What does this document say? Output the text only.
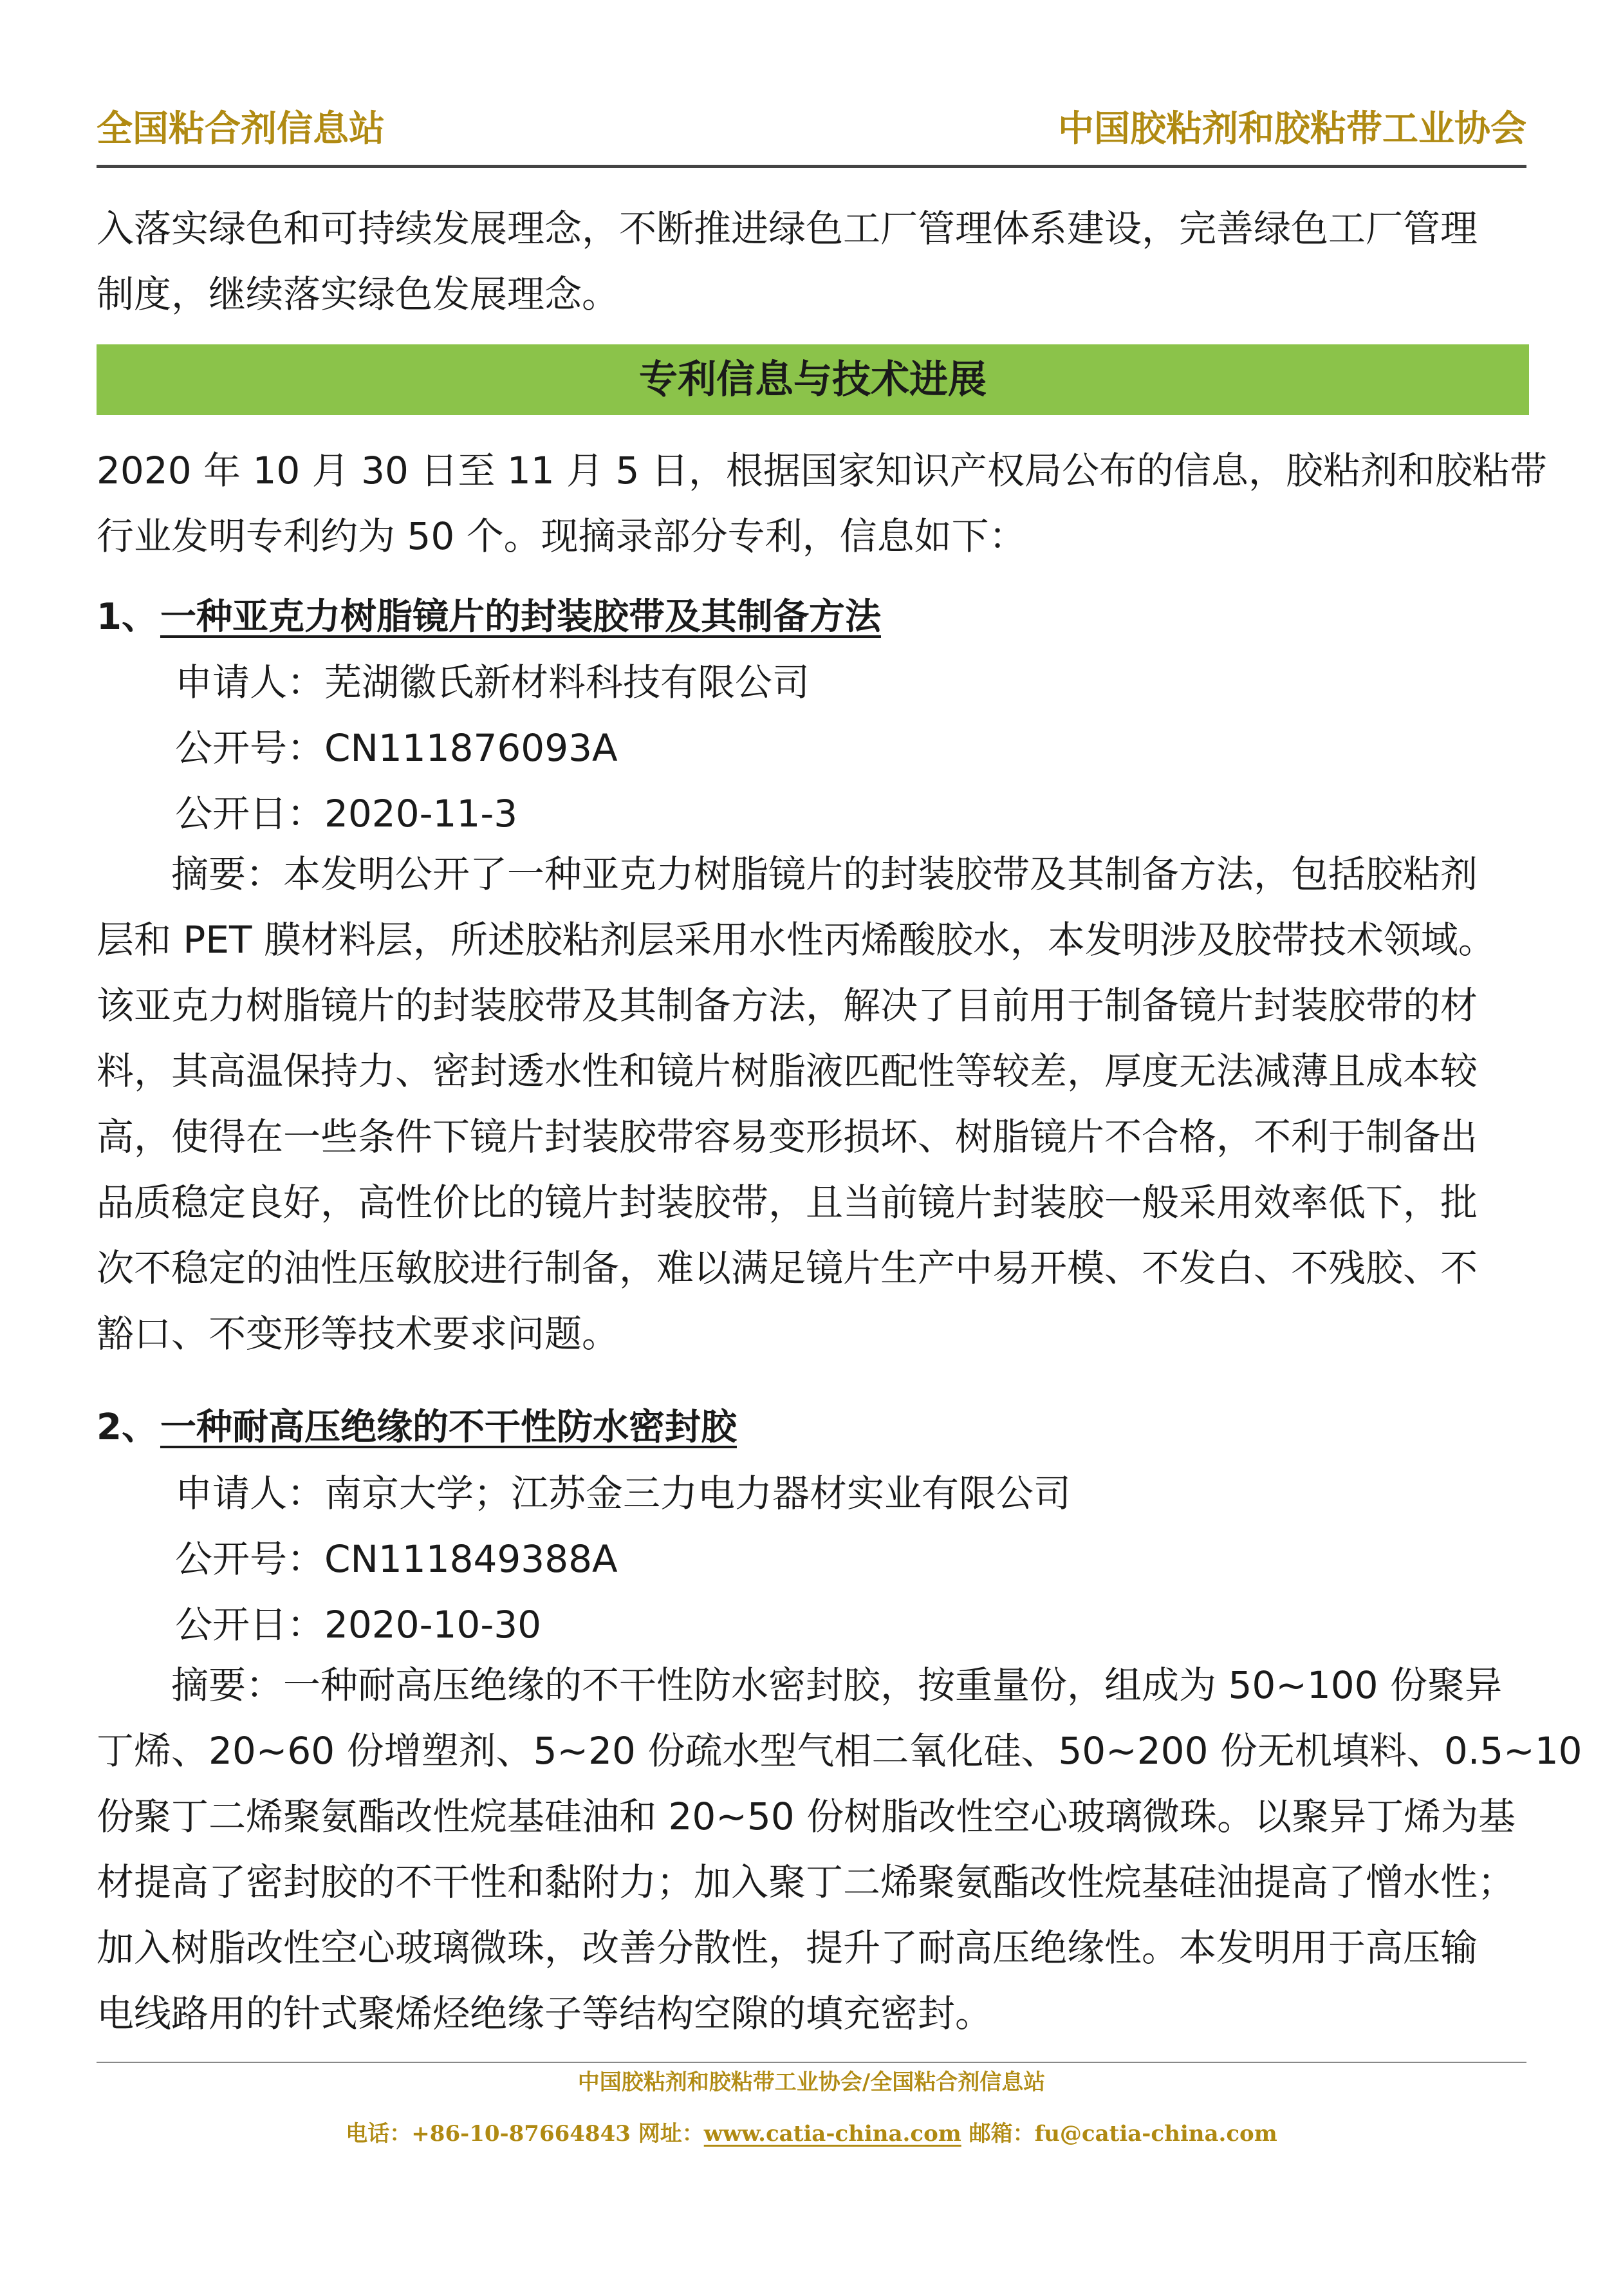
全国粘合剂信息站	中国胶粘剂和胶粘带工业协会

入落实绿色和可持续发展理念，不断推进绿色工厂管理体系建设，完善绿色工厂管理
制度，继续落实绿色发展理念。

专利信息与技术进展

2020 年 10 月 30 日至 11 月 5 日，根据国家知识产权局公布的信息，胶粘剂和胶粘带
行业发明专利约为 50 个。现摘录部分专利，信息如下：

1、一种亚克力树脂镜片的封装胶带及其制备方法
申请人：芜湖徽氏新材料科技有限公司
公开号：CN111876093A
公开日：2020-11-3

　　摘要：本发明公开了一种亚克力树脂镜片的封装胶带及其制备方法，包括胶粘剂
层和 PET 膜材料层，所述胶粘剂层采用水性丙烯酸胶水，本发明涉及胶带技术领域。
该亚克力树脂镜片的封装胶带及其制备方法，解决了目前用于制备镜片封装胶带的材
料，其高温保持力、密封透水性和镜片树脂液匹配性等较差，厚度无法减薄且成本较
高，使得在一些条件下镜片封装胶带容易变形损坏、树脂镜片不合格，不利于制备出
品质稳定良好，高性价比的镜片封装胶带，且当前镜片封装胶一般采用效率低下，批
次不稳定的油性压敏胶进行制备，难以满足镜片生产中易开模、不发白、不残胶、不
豁口、不变形等技术要求问题。

2、一种耐高压绝缘的不干性防水密封胶
申请人：南京大学；江苏金三力电力器材实业有限公司
公开号：CN111849388A
公开日：2020-10-30

　　摘要：一种耐高压绝缘的不干性防水密封胶，按重量份，组成为 50~100 份聚异
丁烯、20~60 份增塑剂、5~20 份疏水型气相二氧化硅、50~200 份无机填料、0.5~10
份聚丁二烯聚氨酯改性烷基硅油和 20~50 份树脂改性空心玻璃微珠。以聚异丁烯为基
材提高了密封胶的不干性和黏附力；加入聚丁二烯聚氨酯改性烷基硅油提高了憎水性；
加入树脂改性空心玻璃微珠，改善分散性，提升了耐高压绝缘性。本发明用于高压输
电线路用的针式聚烯烃绝缘子等结构空隙的填充密封。

中国胶粘剂和胶粘带工业协会/全国粘合剂信息站
电话：+86-10-87664843 网址：www.catia-china.com 邮箱：fu@catia-china.com
